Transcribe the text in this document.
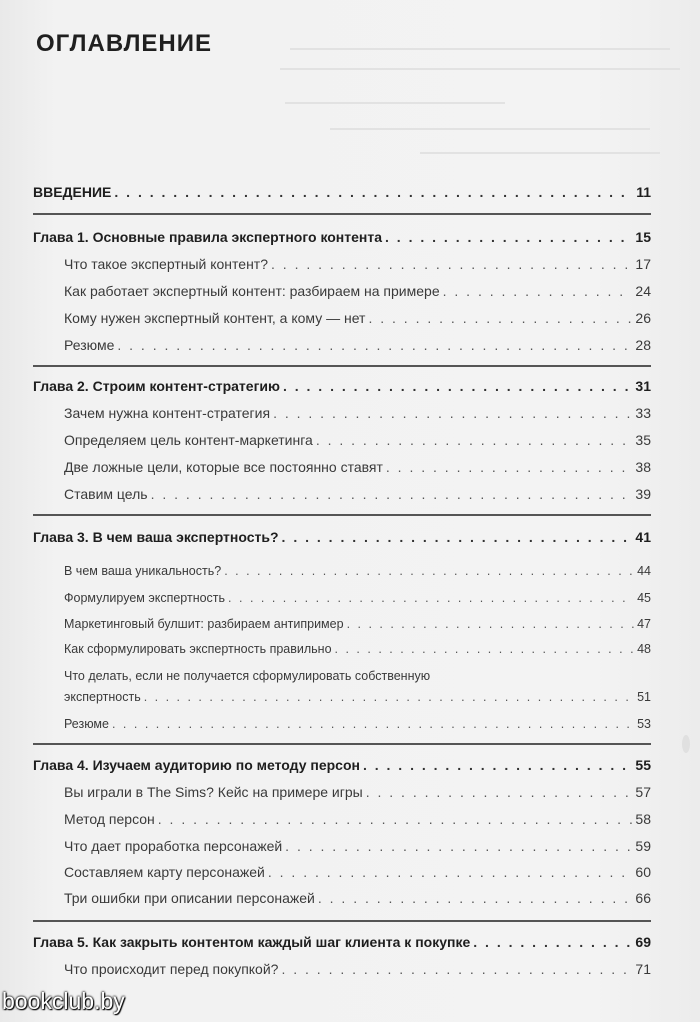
ОГЛАВЛЕНИЕ
ВВЕДЕНИЕ . . .	11
Глава 1. Основные правила экспертного контента . . .	15
Что такое экспертный контент? . . .	17
Как работает экспертный контент: разбираем на примере . . .	24
Кому нужен экспертный контент, а кому — нет . . .	26
Резюме . . .	28
Глава 2. Строим контент-стратегию . . .	31
Зачем нужна контент-стратегия . . .	33
Определяем цель контент-маркетинга . . .	35
Две ложные цели, которые все постоянно ставят . . .	38
Ставим цель . . .	39
Глава 3. В чем ваша экспертность? . . .	41
В чем ваша уникальность? . . .	44
Формулируем экспертность . . .	45
Маркетинговый булшит: разбираем антипример . . .	47
Как сформулировать экспертность правильно . . .	48
Что делать, если не получается сформулировать собственную
экспертность . . .	51
Резюме . . .	53
Глава 4. Изучаем аудиторию по методу персон . . .	55
Вы играли в The Sims? Кейс на примере игры . . .	57
Метод персон . . .	58
Что дает проработка персонажей . . .	59
Составляем карту персонажей . . .	60
Три ошибки при описании персонажей . . .	66
Глава 5. Как закрыть контентом каждый шаг клиента к покупке . . .	69
Что происходит перед покупкой? . . .	71
bookclub.by
